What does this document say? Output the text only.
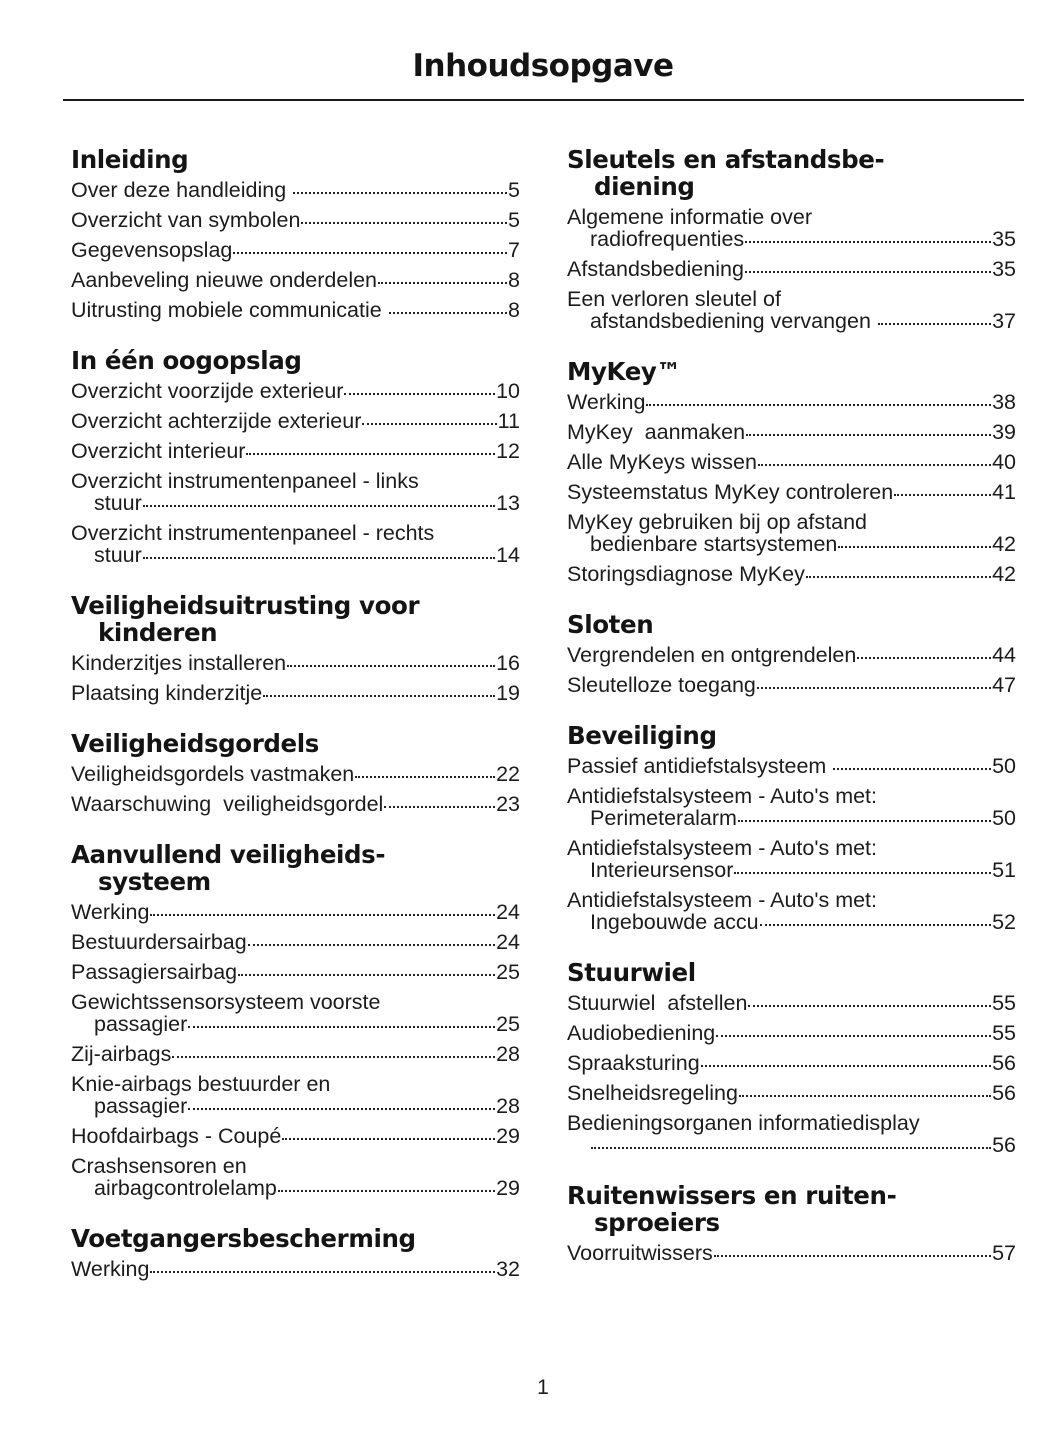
Inhoudsopgave
Inleiding
Over deze handleiding	5
Overzicht van symbolen	5
Gegevensopslag	7
Aanbeveling nieuwe onderdelen	8
Uitrusting mobiele communicatie	8
In één oogopslag
Overzicht voorzijde exterieur	10
Overzicht achterzijde exterieur	11
Overzicht interieur	12
Overzicht instrumentenpaneel - links
stuur	13
Overzicht instrumentenpaneel - rechts
stuur	14
Veiligheidsuitrusting voor
kinderen
Kinderzitjes installeren	16
Plaatsing kinderzitje	19
Veiligheidsgordels
Veiligheidsgordels vastmaken	22
Waarschuwing  veiligheidsgordel	23
Aanvullend veiligheids-
systeem
Werking	24
Bestuurdersairbag	24
Passagiersairbag	25
Gewichtssensorsysteem voorste
passagier	25
Zij-airbags	28
Knie-airbags bestuurder en
passagier	28
Hoofdairbags - Coupé	29
Crashsensoren en
airbagcontrolelamp	29
Voetgangersbescherming
Werking	32
Sleutels en afstandsbe-
diening
Algemene informatie over
radiofrequenties	35
Afstandsbediening	35
Een verloren sleutel of
afstandsbediening vervangen	37
MyKey™
Werking	38
MyKey  aanmaken	39
Alle MyKeys wissen	40
Systeemstatus MyKey controleren	41
MyKey gebruiken bij op afstand
bedienbare startsystemen	42
Storingsdiagnose MyKey	42
Sloten
Vergrendelen en ontgrendelen	44
Sleutelloze toegang	47
Beveiliging
Passief antidiefstalsysteem	50
Antidiefstalsysteem - Auto's met:
Perimeteralarm	50
Antidiefstalsysteem - Auto's met:
Interieursensor	51
Antidiefstalsysteem - Auto's met:
Ingebouwde accu	52
Stuurwiel
Stuurwiel  afstellen	55
Audiobediening	55
Spraaksturing	56
Snelheidsregeling	56
Bedieningsorganen informatiedisplay
56
Ruitenwissers en ruiten-
sproeiers
Voorruitwissers	57
1
